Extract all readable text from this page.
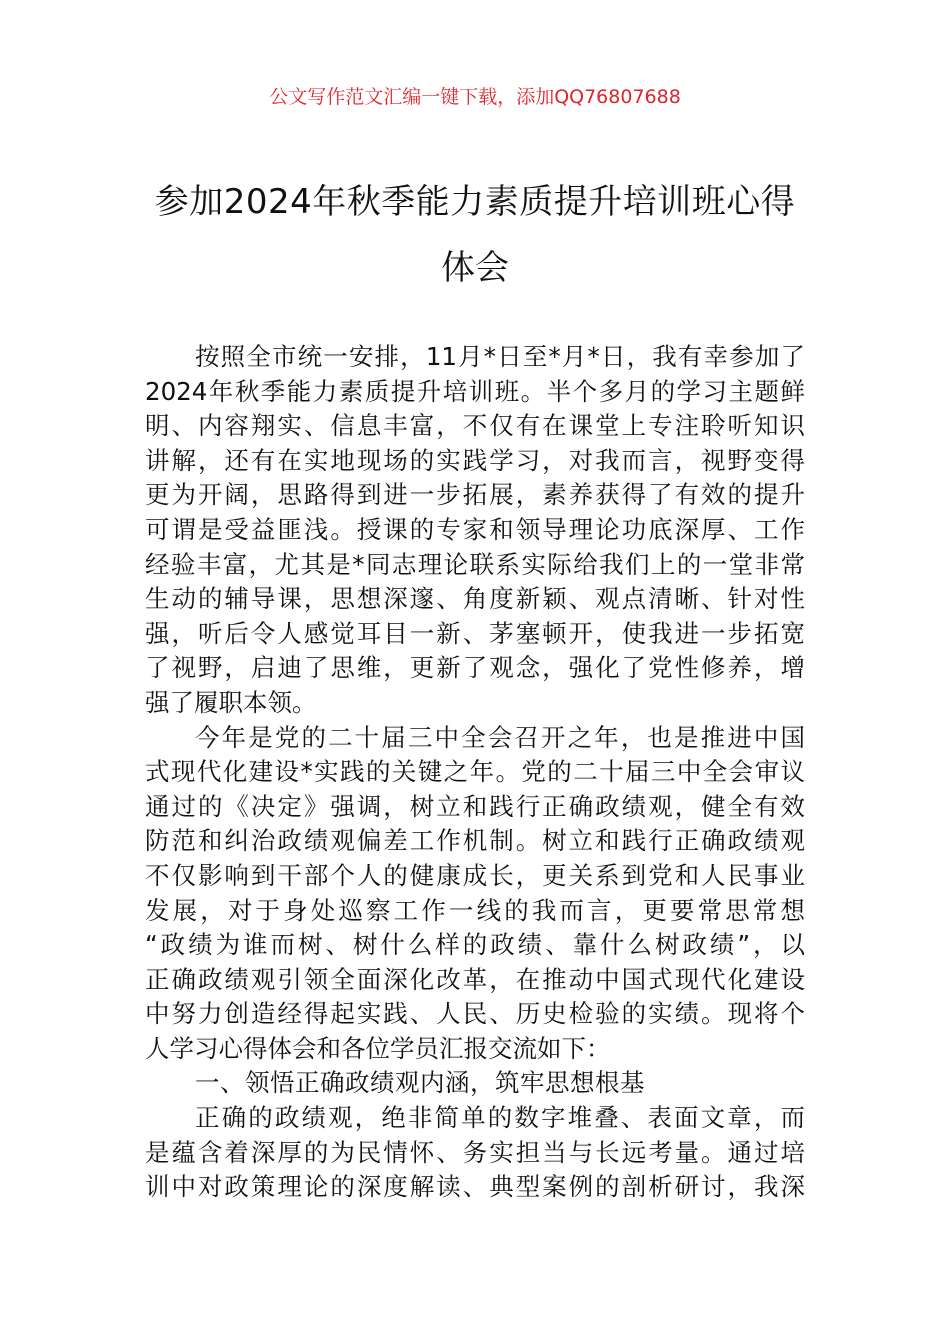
公文写作范文汇编一键下载，添加QQ76807688
参加2024年秋季能力素质提升培训班心得
体会
按照全市统一安排，11月*日至*月*日，我有幸参加了
2024年秋季能力素质提升培训班。半个多月的学习主题鲜
明、内容翔实、信息丰富，不仅有在课堂上专注聆听知识
讲解，还有在实地现场的实践学习，对我而言，视野变得
更为开阔，思路得到进一步拓展，素养获得了有效的提升
可谓是受益匪浅。授课的专家和领导理论功底深厚、工作
经验丰富，尤其是*同志理论联系实际给我们上的一堂非常
生动的辅导课，思想深邃、角度新颖、观点清晰、针对性
强，听后令人感觉耳目一新、茅塞顿开，使我进一步拓宽
了视野，启迪了思维，更新了观念，强化了党性修养，增
强了履职本领。
今年是党的二十届三中全会召开之年，也是推进中国
式现代化建设*实践的关键之年。党的二十届三中全会审议
通过的《决定》强调，树立和践行正确政绩观，健全有效
防范和纠治政绩观偏差工作机制。树立和践行正确政绩观
不仅影响到干部个人的健康成长，更关系到党和人民事业
发展，对于身处巡察工作一线的我而言，更要常思常想
“政绩为谁而树、树什么样的政绩、靠什么树政绩”，以
正确政绩观引领全面深化改革，在推动中国式现代化建设
中努力创造经得起实践、人民、历史检验的实绩。现将个
人学习心得体会和各位学员汇报交流如下：
一、领悟正确政绩观内涵，筑牢思想根基
正确的政绩观，绝非简单的数字堆叠、表面文章，而
是蕴含着深厚的为民情怀、务实担当与长远考量。通过培
训中对政策理论的深度解读、典型案例的剖析研讨，我深
